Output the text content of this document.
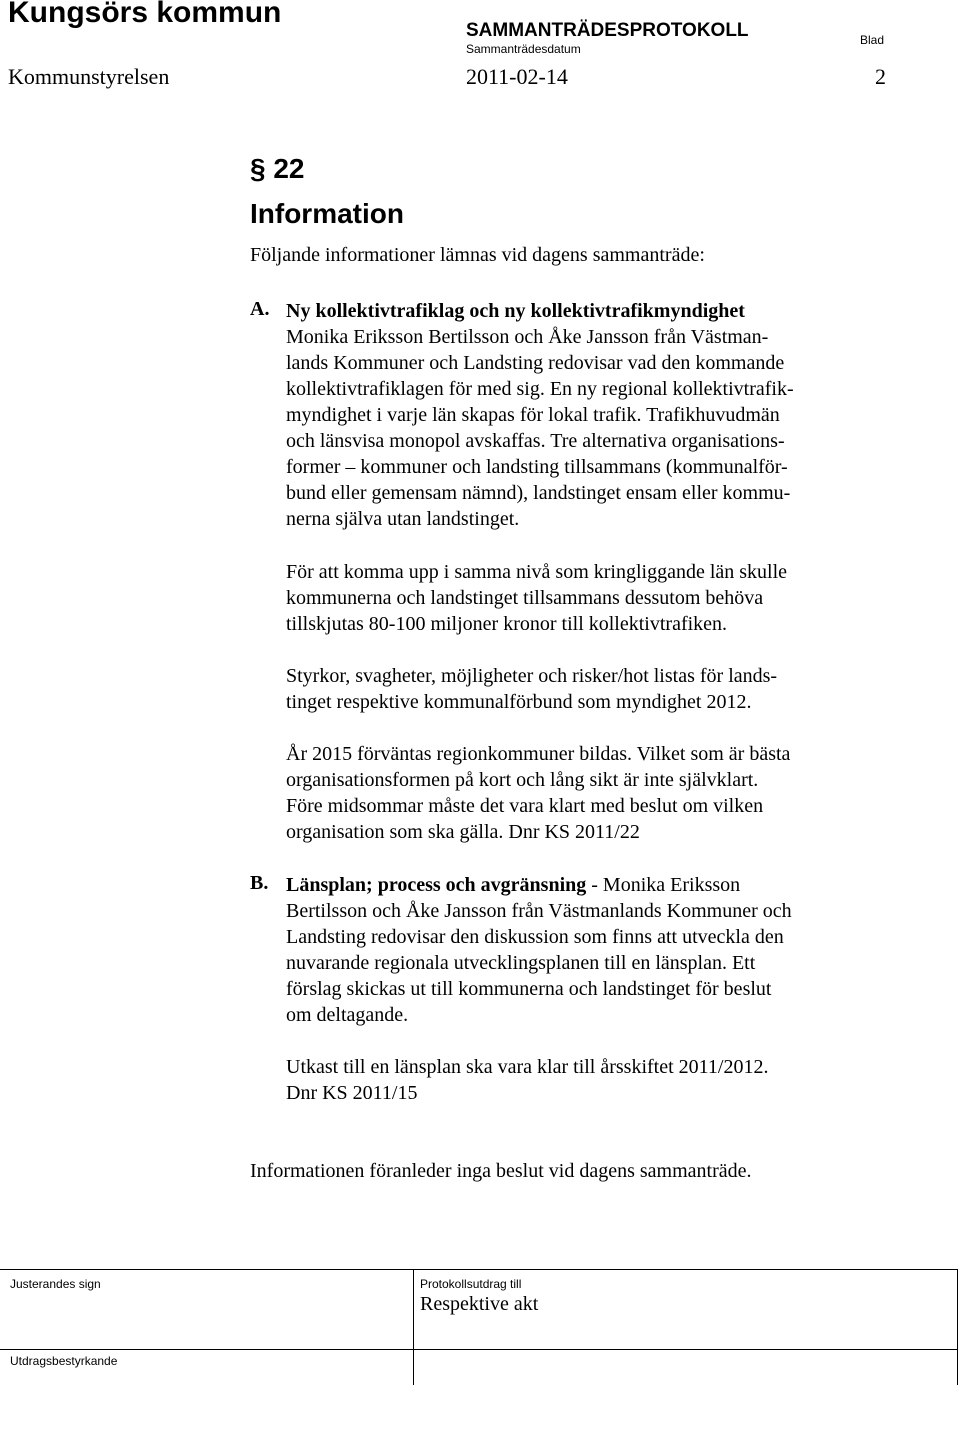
Kungsörs kommun
SAMMANTRÄDESPROTOKOLL
Sammanträdesdatum
Blad
Kommunstyrelsen	2011-02-14	2
§ 22
Information
Följande informationer lämnas vid dagens sammanträde:
A. Ny kollektivtrafiklag och ny kollektivtrafikmyndighet
Monika Eriksson Bertilsson och Åke Jansson från Västman-
lands Kommuner och Landsting redovisar vad den kommande
kollektivtrafiklagen för med sig. En ny regional kollektivtrafik-
myndighet i varje län skapas för lokal trafik. Trafikhuvudmän
och länsvisa monopol avskaffas. Tre alternativa organisations-
former – kommuner och landsting tillsammans (kommunalför-
bund eller gemensam nämnd), landstinget ensam eller kommu-
nerna själva utan landstinget.
För att komma upp i samma nivå som kringliggande län skulle
kommunerna och landstinget tillsammans dessutom behöva
tillskjutas 80-100 miljoner kronor till kollektivtrafiken.
Styrkor, svagheter, möjligheter och risker/hot listas för lands-
tinget respektive kommunalförbund som myndighet 2012.
År 2015 förväntas regionkommuner bildas. Vilket som är bästa
organisationsformen på kort och lång sikt är inte självklart.
Före midsommar måste det vara klart med beslut om vilken
organisation som ska gälla. Dnr KS 2011/22
B. Länsplan; process och avgränsning - Monika Eriksson
Bertilsson och Åke Jansson från Västmanlands Kommuner och
Landsting redovisar den diskussion som finns att utveckla den
nuvarande regionala utvecklingsplanen till en länsplan. Ett
förslag skickas ut till kommunerna och landstinget för beslut
om deltagande.
Utkast till en länsplan ska vara klar till årsskiftet 2011/2012.
Dnr KS 2011/15
Informationen föranleder inga beslut vid dagens sammanträde.
Justerandes sign	Protokollsutdrag till
Respektive akt
Utdragsbestyrkande
